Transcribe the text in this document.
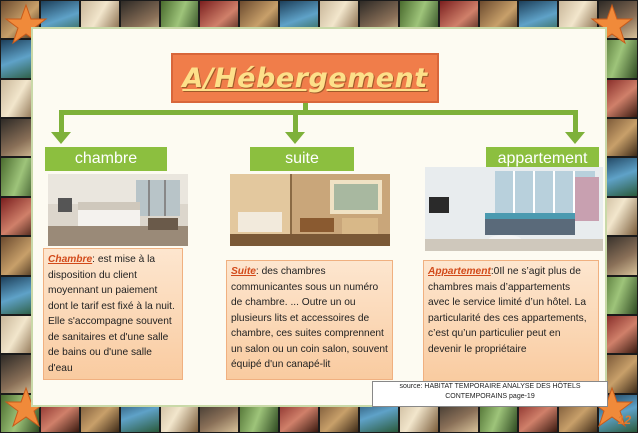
A/Hébergement
chambre	suite	appartement
Chambre: est mise à la disposition du client moyennant un paiement dont le tarif est fixé à la nuit. Elle s'accompagne souvent de sanitaires et d'une salle de bains ou d'une salle d'eau
Suite: des chambres communicantes sous un numéro de chambre. ... Outre un ou plusieurs lits et accessoires de chambre, ces suites comprennent un salon ou un coin salon, souvent équipé d'un canapé-lit
Appartement:0Il ne s’agit plus de chambres mais d’appartements avec le service limité d’un hôtel. La particularité des ces appartements, c’est qu’un particulier peut en devenir le propriétaire
source: HABITAT TEMPORAIRE ANALYSE DES HÔTELS CONTEMPORAINS page-19
12
